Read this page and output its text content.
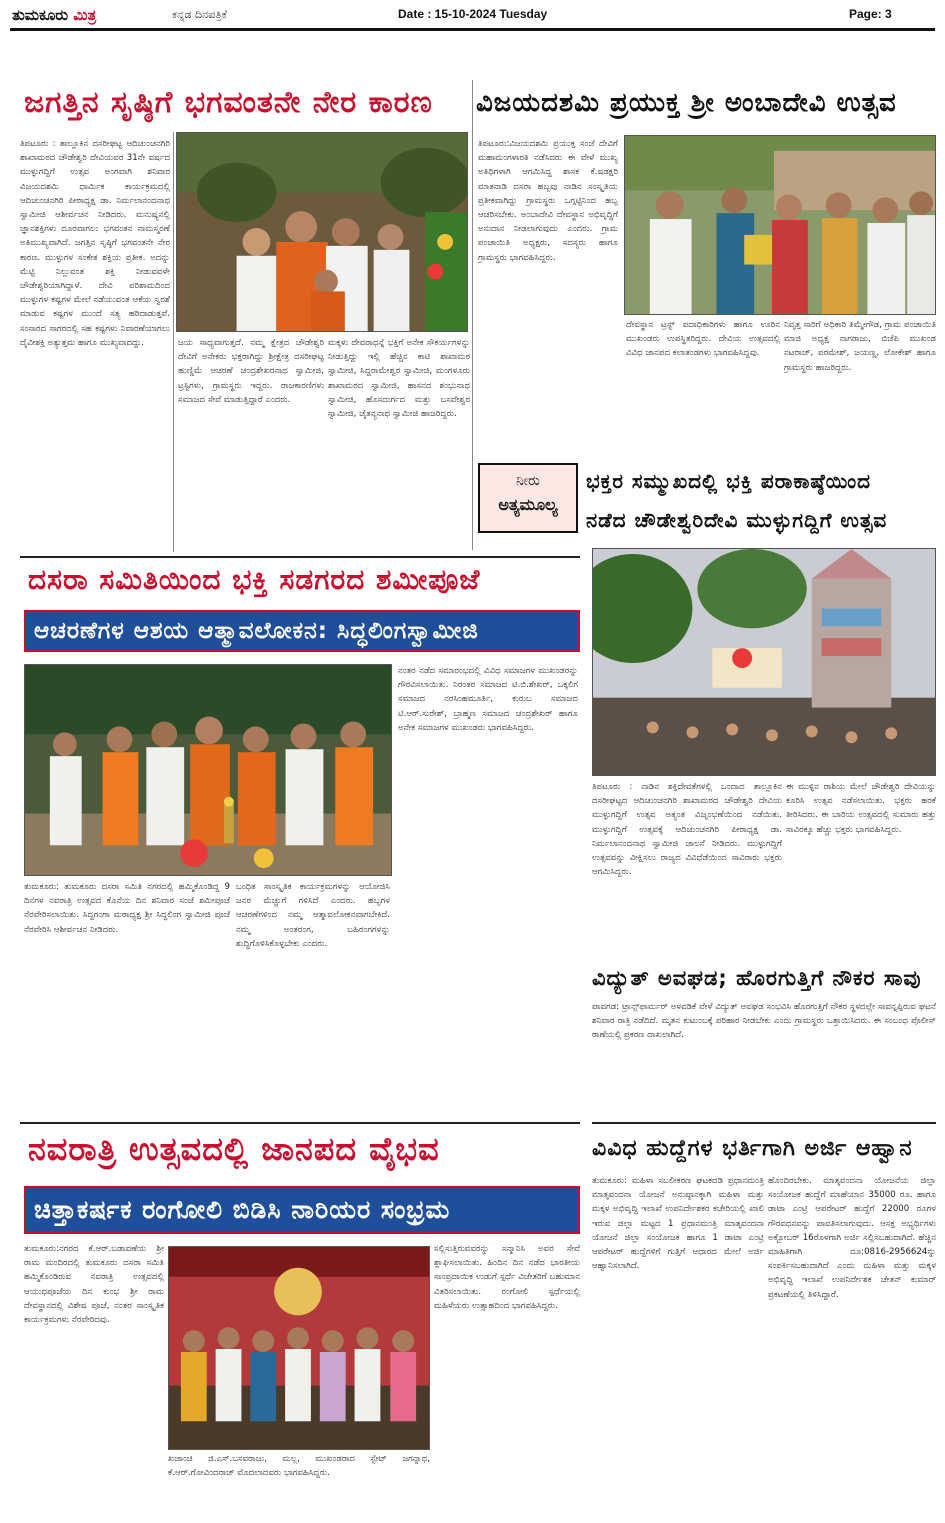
ತುಮಕೂರು ಮಿತ್ರ	ಕನ್ನಡ ದಿನಪತ್ರಿಕೆ	Date : 15-10-2024 Tuesday	Page: 3
ಜಗತ್ತಿನ ಸೃಷ್ಠಿಗೆ ಭಗವಂತನೇ ನೇರ ಕಾರಣ
ತಿಪಟೂರು : ತಾಲ್ಲೂಕಿನ ದಸರೀಘಟ್ಟ ಆದಿಚುಂಚನಗಿರಿ ಶಾಖಾಮಠದ ಚೌಡೇಶ್ವರಿ ದೇವಿಯವರ 31ನೇ ವರ್ಷದ ಮುಳ್ಳುಗದ್ದಿಗೆ ಉತ್ಸವ ಅಂಗವಾಗಿ ಶನಿವಾರ ವಿಜಯದಶಮಿ ಧಾರ್ಮಿಕ ಕಾರ್ಯಕ್ರಮದಲ್ಲಿ ಆದಿಚುಂಚನಗಿರಿ ಪೀಠಾಧ್ಯಕ್ಷ ಡಾ. ನಿರ್ಮಲಾನಂದನಾಥ ಸ್ವಾಮೀಜಿ ಆಶೀರ್ವಚನ ನೀಡಿದರು. ಮನುಷ್ಯನಲ್ಲಿ ಜ್ಞಾನಶಕ್ತಿಗಳು ದೂರವಾಗಲು ಭಗವಂತನ ನಾಮಸ್ಮರಣೆ ಅತಿಮುಖ್ಯವಾಗಿದೆ. ಜಗತ್ತಿನ ಸೃಷ್ಠಿಗೆ ಭಗವಂತನೇ ನೇರ ಕಾರಣ. ಮುಳ್ಳುಗಳ ಸಂಕೇತ ಶಕ್ತಿಯ ಪ್ರತೀಕ. ಅದನ್ನು ಮೆಟ್ಟಿ ನಿಲ್ಲುವಂತ ಶಕ್ತಿ ನೀಡುವವಳೇ ಚೌಡೇಶ್ವರಿಯಾಗಿದ್ದಾಳೆ. ದೇವಿ ಪರಿಶಾಮದಿಂದ ಮುಳ್ಳುಗಳ ಕಷ್ಟಗಳ ಮೇಲೆ ನಡೆಯುವಂತ ಆಕೆಯ ಸ್ವರಶೆ ಮಾಡುವ ಕಷ್ಟಗಳ ಮುಂದೆ ಸತ್ಯ ಹರಿದಾಡುತ್ತವೆ. ಸಂಸಾರದ ಸಾಗರದಲ್ಲಿ ಸಹ ಕಷ್ಟಗಳು ನಿವಾರಣೆಯಾಗಲು ದೈವೀಶಕ್ತಿ ಅತ್ಯುತ್ತಮ ಹಾಗೂ ಮುಖ್ಯವಾದದ್ದು.	ಜಯ ಸಾಧ್ಯವಾಗುತ್ತದೆ. ನಮ್ಮ ಕ್ಷೇತ್ರದ ಚೌಡೇಶ್ವರಿ ದೇವಿಗೆ ಅನೇಕರು ಭಕ್ತರಾಗಿದ್ದು ಶ್ರೀಕ್ಷೇತ್ರ ದಸರೀಘಟ್ಟ ಹುಣ್ಣಿಮೆ ಆಚರಣೆ ಚಂದ್ರಶೇಖರನಾಥ ಸ್ವಾಮೀಜಿ, ಟ್ರಸ್ಟಿಗಳು, ಗ್ರಾಮಸ್ಥರು ಇದ್ದರು. ರಾಜಕಾರಣಿಗಳು ಸಮಾಜದ ಸೇವೆ ಮಾಡುತ್ತಿದ್ದಾರೆ ಎಂದರು.
ಮಕ್ಕಳು ದೇವರಾಧನ್ನೆ ಭಕ್ತಿಗೆ ಅನೇಕ ಸೌಕರ್ಯಗಳನ್ನು ನೀಡುತ್ತಿದ್ದು ಇಲ್ಲಿ ಹೆಚ್ಚಿನ ಕಾಟಿ ಶಾಖಾಮಠ ಸ್ವಾಮೀಜಿ, ಸಿದ್ದರಾಮೇಶ್ವರ ಸ್ವಾಮೀಜಿ, ಮಂಗಳೂರು ಶಾಖಾಮಠದ ಸ್ವಾಮೀಜಿ, ಹಾಸನದ ಶಂಭುನಾಥ ಸ್ವಾಮೀಜಿ, ಹೊಸದುರ್ಗದ ಮತ್ತು ಬಸವೇಶ್ವರ ಸ್ವಾಮೀಜಿ, ಚೈತನ್ಯನಾಥ ಸ್ವಾಮೀಜಿ ಹಾಜರಿದ್ದರು.
ವಿಜಯದಶಮಿ ಪ್ರಯುಕ್ತ ಶ್ರೀ ಅಂಬಾದೇವಿ ಉತ್ಸವ
ತಿಪಟೂರು:ವಿಜಯದಶಮಿ ಪ್ರಯುಕ್ತ ಸಂಜೆ ದೇವಿಗೆ ಮಹಾಮಂಗಳಾರತಿ ನಡೆಸಿದರು ಈ ವೇಳೆ ಮುಖ್ಯ ಅತಿಥಿಗಳಾಗಿ ಆಗಮಿಸಿದ್ದ ಶಾಸಕ ಕೆ.ಷಡಕ್ಷರಿ ಮಾತನಾಡಿ ದಸರಾ ಹಬ್ಬವು ನಾಡಿನ ಸಂಸ್ಕೃತಿಯ ಪ್ರತೀಕವಾಗಿದ್ದು ಗ್ರಾಮಸ್ಥರು ಒಗ್ಗಟ್ಟಿನಿಂದ ಹಬ್ಬ ಆಚರಿಸಬೇಕು. ಅಂಬಾದೇವಿ ದೇವಸ್ಥಾನ ಅಭಿವೃದ್ಧಿಗೆ ಅನುದಾನ ನೀಡಲಾಗುವುದು ಎಂದರು. ಗ್ರಾಮ ಪಂಚಾಯಿತಿ ಅಧ್ಯಕ್ಷರು, ಸದಸ್ಯರು ಹಾಗೂ ಗ್ರಾಮಸ್ಥರು ಭಾಗವಹಿಸಿದ್ದರು.
ದೇವಸ್ಥಾನ ಟ್ರಸ್ಟ್ ಪದಾಧಿಕಾರಿಗಳು ಹಾಗೂ ಊರಿನ ಮುಖಂಡರು ಉಪಸ್ಥಿತರಿದ್ದರು. ದೇವಿಯ ಉತ್ಸವದಲ್ಲಿ ವಿವಿಧ ಜಾನಪದ ಕಲಾತಂಡಗಳು ಭಾಗವಹಿಸಿದ್ದವು.
ನಿವೃತ್ತ ಸಾರಿಗೆ ಅಧಿಕಾರಿ ತಿಮ್ಮೇಗೌಡ, ಗ್ರಾಮ ಪಂಚಾಯಿತಿ ಮಾಜಿ ಅಧ್ಯಕ್ಷ ನಾಗರಾಜು, ಬಿಜೆಪಿ ಮುಖಂಡ ನಟರಾಜ್, ಪರಮೇಶ್, ಜಯಣ್ಣ, ಲೋಕೇಶ್ ಹಾಗೂ ಗ್ರಾಮಸ್ಥರು ಹಾಜರಿದ್ದರು.
ನೀರು
ಅತ್ಯಮೂಲ್ಯ
ಭಕ್ತರ ಸಮ್ಮುಖದಲ್ಲಿ ಭಕ್ತಿ ಪರಾಕಾಷ್ಠೆಯಿಂದ
ನಡೆದ ಚೌಡೇಶ್ವರಿದೇವಿ ಮುಳ್ಳುಗದ್ದಿಗೆ ಉತ್ಸವ
ದಸರಾ ಸಮಿತಿಯಿಂದ ಭಕ್ತಿ ಸಡಗರದ ಶಮೀಪೂಜೆ
ಆಚರಣೆಗಳ ಆಶಯ ಆತ್ಮಾವಲೋಕನ: ಸಿದ್ಧಲಿಂಗಸ್ವಾಮೀಜಿ
ತುಮಕೂರು: ತುಮಕೂರು ದಸರಾ ಸಮಿತಿ ನಗರದಲ್ಲಿ ಹಮ್ಮಿಕೊಂಡಿದ್ದ 9 ದಿನಗಳ ನವರಾತ್ರಿ ಉತ್ಸವದ ಕೊನೆಯ ದಿನ ಶನಿವಾರ ಸಂಜೆ ಶಮೀಪೂಜೆ ನೆರವೇರಿಸಲಾಯಿತು. ಸಿದ್ಧಗಂಗಾ ಮಠಾಧ್ಯಕ್ಷ ಶ್ರೀ ಸಿದ್ಧಲಿಂಗ ಸ್ವಾಮೀಜಿ ಪೂಜೆ ನೆರವೇರಿಸಿ ಆಶೀರ್ವಚನ ನೀಡಿದರು.
ಬಂಧಿತ ಸಾಂಸ್ಕೃತಿಕ ಕಾರ್ಯಕ್ರಮಗಳನ್ನು ಆಯೋಜಿಸಿ ಜನರ ಮೆಚ್ಚುಗೆ ಗಳಿಸಿದೆ ಎಂದರು. ಹಬ್ಬಗಳ ಆಚರಣೆಗಳಿಂದ ನಮ್ಮ ಆತ್ಮಾವಲೋಕನವಾಗಬೇಕಿದೆ. ನಮ್ಮ ಅಂತರಂಗ, ಬಹಿರಂಗಗಳನ್ನು ಶುದ್ಧಿಗೊಳಿಸಿಕೊಳ್ಳಬೇಕು ಎಂದರು.
ನಂತರ ನಡೆದ ಸಮಾರಂಭದಲ್ಲಿ ವಿವಿಧ ಸಮಾಜಗಳ ಮುಖಂಡರನ್ನು ಗೌರವಿಸಲಾಯಿತು. ನಿರಂತರ ಸಮಾಜದ ಟಿ.ಬಿ.ಶೇಖರ್, ಒಕ್ಕಲಿಗ ಸಮಾಜದ ನರಸಿಂಹಮೂರ್ತಿ, ಕುರುಬ ಸಮಾಜದ ಟಿ.ಆರ್.ಸುರೇಶ್, ಬ್ರಾಹ್ಮಣ ಸಮಾಜದ ಚಂದ್ರಶೇಖರ್ ಹಾಗೂ ಅನೇಕ ಸಮಾಜಗಳ ಮುಖಂಡರು ಭಾಗವಹಿಸಿದ್ದರು.
ತಿಪಟೂರು : ನಾಡಿನ ಶಕ್ತಿದೇವತೆಗಳಲ್ಲಿ ಒಂದಾದ ತಾಲ್ಲೂಕಿನ ದಸರೀಘಟ್ಟದ ಆದಿಚುಂಚನಗಿರಿ ಶಾಖಾಮಠದ ಚೌಡೇಶ್ವರಿ ದೇವಿಯ ಮುಳ್ಳುಗದ್ದಿಗೆ ಉತ್ಸವ ಅತ್ಯಂತ ವಿಜೃಂಭಣೆಯಿಂದ ನಡೆಯಿತು. ಮುಳ್ಳುಗದ್ದಿಗೆ ಉತ್ಸವಕ್ಕೆ ಆದಿಚುಂಚನಗಿರಿ ಪೀಠಾಧ್ಯಕ್ಷ ಡಾ. ನಿರ್ಮಲಾನಂದನಾಥ ಸ್ವಾಮೀಜಿ ಚಾಲನೆ ನೀಡಿದರು. ಮುಳ್ಳುಗದ್ದಿಗೆ ಉತ್ಸವವನ್ನು ವೀಕ್ಷಿಸಲು ರಾಜ್ಯದ ವಿವಿಧೆಡೆಯಿಂದ ಸಾವಿರಾರು ಭಕ್ತರು ಆಗಮಿಸಿದ್ದರು.
ಈ ಮುಳ್ಳಿನ ರಾಶಿಯ ಮೇಲೆ ಚೌಡೇಶ್ವರಿ ದೇವಿಯನ್ನು ಕೂರಿಸಿ ಉತ್ಸವ ನಡೆಸಲಾಯಿತು. ಭಕ್ತರು ಹರಕೆ ತೀರಿಸಿದರು. ಈ ಬಾರಿಯ ಉತ್ಸವದಲ್ಲಿ ಸುಮಾರು ಹತ್ತು ಸಾವಿರಕ್ಕೂ ಹೆಚ್ಚು ಭಕ್ತರು ಭಾಗವಹಿಸಿದ್ದರು.
ವಿದ್ಯುತ್ ಅವಘಡ; ಹೊರಗುತ್ತಿಗೆ ನೌಕರ ಸಾವು
ಪಾವಗಡ: ಟ್ರಾನ್ಸ್‌ಫಾರ್ಮರ್ ಅಳವಡಿಕೆ ವೇಳೆ ವಿದ್ಯುತ್ ಅವಘಡ ಸಂಭವಿಸಿ ಹೊರಗುತ್ತಿಗೆ ನೌಕರ ಸ್ಥಳದಲ್ಲೇ ಸಾವನ್ನಪ್ಪಿರುವ ಘಟನೆ ಶನಿವಾರ ರಾತ್ರಿ ನಡೆದಿದೆ. ಮೃತನ ಕುಟುಂಬಕ್ಕೆ ಪರಿಹಾರ ನೀಡಬೇಕು ಎಂದು ಗ್ರಾಮಸ್ಥರು ಒತ್ತಾಯಿಸಿದರು. ಈ ಸಂಬಂಧ ಪೊಲೀಸ್ ಠಾಣೆಯಲ್ಲಿ ಪ್ರಕರಣ ದಾಖಲಾಗಿದೆ.
ನವರಾತ್ರಿ ಉತ್ಸವದಲ್ಲಿ ಜಾನಪದ ವೈಭವ
ಚಿತ್ತಾಕರ್ಷಕ ರಂಗೋಲಿ ಬಿಡಿಸಿ ನಾರಿಯರ ಸಂಭ್ರಮ
ತುಮಕೂರು:ನಗರದ ಕೆ.ಆರ್.ಬಡಾವಣೆಯ ಶ್ರೀ ರಾಮ ಮಂದಿರದಲ್ಲಿ ತುಮಕೂರು ದಸರಾ ಸಮಿತಿ ಹಮ್ಮಿಕೊಂಡಿರುವ ನವರಾತ್ರಿ ಉತ್ಸವದಲ್ಲಿ ಆಯುಧಪೂಜೆಯ ದಿನ ಕುಂಭ ಶ್ರೀ ರಾಮ ದೇವಸ್ಥಾನದಲ್ಲಿ ವಿಶೇಷ ಪೂಜೆ, ನಂತರ ಸಾಂಸ್ಕೃತಿಕ ಕಾರ್ಯಕ್ರಮಗಳು ನೆರವೇರಿದವು.
ಖಜಾಂಚಿ ಜಿ.ಎಸ್.ಬಸವರಾಜು, ಮಲ್ಲ, ಮುಖಂಡರಾದ ಸ್ಟೇಟ್ ಜಗನ್ನಾಥ, ಕೆ.ಆರ್.ಗೋವಿಂದರಾಜ್ ಮೊದಲಾದವರು ಭಾಗವಹಿಸಿದ್ದರು.
ಸಲ್ಲಿಸುತ್ತಿರುವವರನ್ನು ಸನ್ಮಾನಿಸಿ ಅವರ ಸೇವೆ ಶ್ಲಾಘಿಸಲಾಯಿತು. ಹಿಂದಿನ ದಿನ ನಡೆದ ಭಾರತೀಯ ಸಾಂಪ್ರದಾಯಿಕ ಉಡುಗೆ ಸ್ಪರ್ಧೆ ವಿಜೇತರಿಗೆ ಬಹುಮಾನ ವಿತರಿಸಲಾಯಿತು. ರಂಗೋಲಿ ಸ್ಪರ್ಧೆಯಲ್ಲಿ ಮಹಿಳೆಯರು ಉತ್ಸಾಹದಿಂದ ಭಾಗವಹಿಸಿದ್ದರು.
ವಿವಿಧ ಹುದ್ದೆಗಳ ಭರ್ತಿಗಾಗಿ ಅರ್ಜಿ ಆಹ್ವಾನ
ತುಮಕೂರು: ಮಹಿಳಾ ಸಬಲೀಕರಣ ಘಟಕದಡಿ ಪ್ರಧಾನಮಂತ್ರಿ ಮಾತೃವಂದನಾ ಯೋಜನೆ ಅನುಷ್ಠಾನಕ್ಕಾಗಿ ಮಹಿಳಾ ಮತ್ತು ಮಕ್ಕಳ ಅಭಿವೃದ್ಧಿ ಇಲಾಖೆ ಉಪನಿರ್ದೇಶಕರ ಕಚೇರಿಯಲ್ಲಿ ಖಾಲಿ ಇರುವ ಜಿಲ್ಲಾ ಮಟ್ಟದ 1 ಪ್ರಧಾನಮಂತ್ರಿ ಮಾತೃವಂದನಾ ಯೋಜನೆ ಜಿಲ್ಲಾ ಸಂಯೋಜಕ ಹಾಗೂ 1 ಡಾಟಾ ಎಂಟ್ರಿ ಆಪರೇಟರ್ ಹುದ್ದೆಗಳಿಗೆ ಗುತ್ತಿಗೆ ಆಧಾರದ ಮೇಲೆ ಅರ್ಜಿ ಆಹ್ವಾನಿಸಲಾಗಿದೆ.
ಹೊಂದಿರಬೇಕು. ಮಾತೃವಂದನಾ ಯೋಜನೆಯ ಜಿಲ್ಲಾ ಸಂಯೋಜಕ ಹುದ್ದೆಗೆ ಮಾಹೆಯಾನ 35000 ರೂ. ಹಾಗೂ ಡಾಟಾ ಎಂಟ್ರಿ ಆಪರೇಟರ್ ಹುದ್ದೆಗೆ 22000 ರೂಗಳ ಗೌರವಧನವನ್ನು ಪಾವತಿಸಲಾಗುವುದು. ಆಸಕ್ತ ಅಭ್ಯರ್ಥಿಗಳು ಅಕ್ಟೋಬರ್ 16ರೊಳಗಾಗಿ ಅರ್ಜಿ ಸಲ್ಲಿಸಬಹುದಾಗಿದೆ. ಹೆಚ್ಚಿನ ಮಾಹಿತಿಗಾಗಿ ದೂ:0816-2956624ನ್ನು ಸಂಪರ್ಕಿಸಬಹುದಾಗಿದೆ ಎಂದು ಮಹಿಳಾ ಮತ್ತು ಮಕ್ಕಳ ಅಭಿವೃದ್ಧಿ ಇಲಾಖೆ ಉಪನಿರ್ದೇಶಕ ಚೇತನ್ ಕುಮಾರ್ ಪ್ರಕಟಣೆಯಲ್ಲಿ ತಿಳಿಸಿದ್ದಾರೆ.
